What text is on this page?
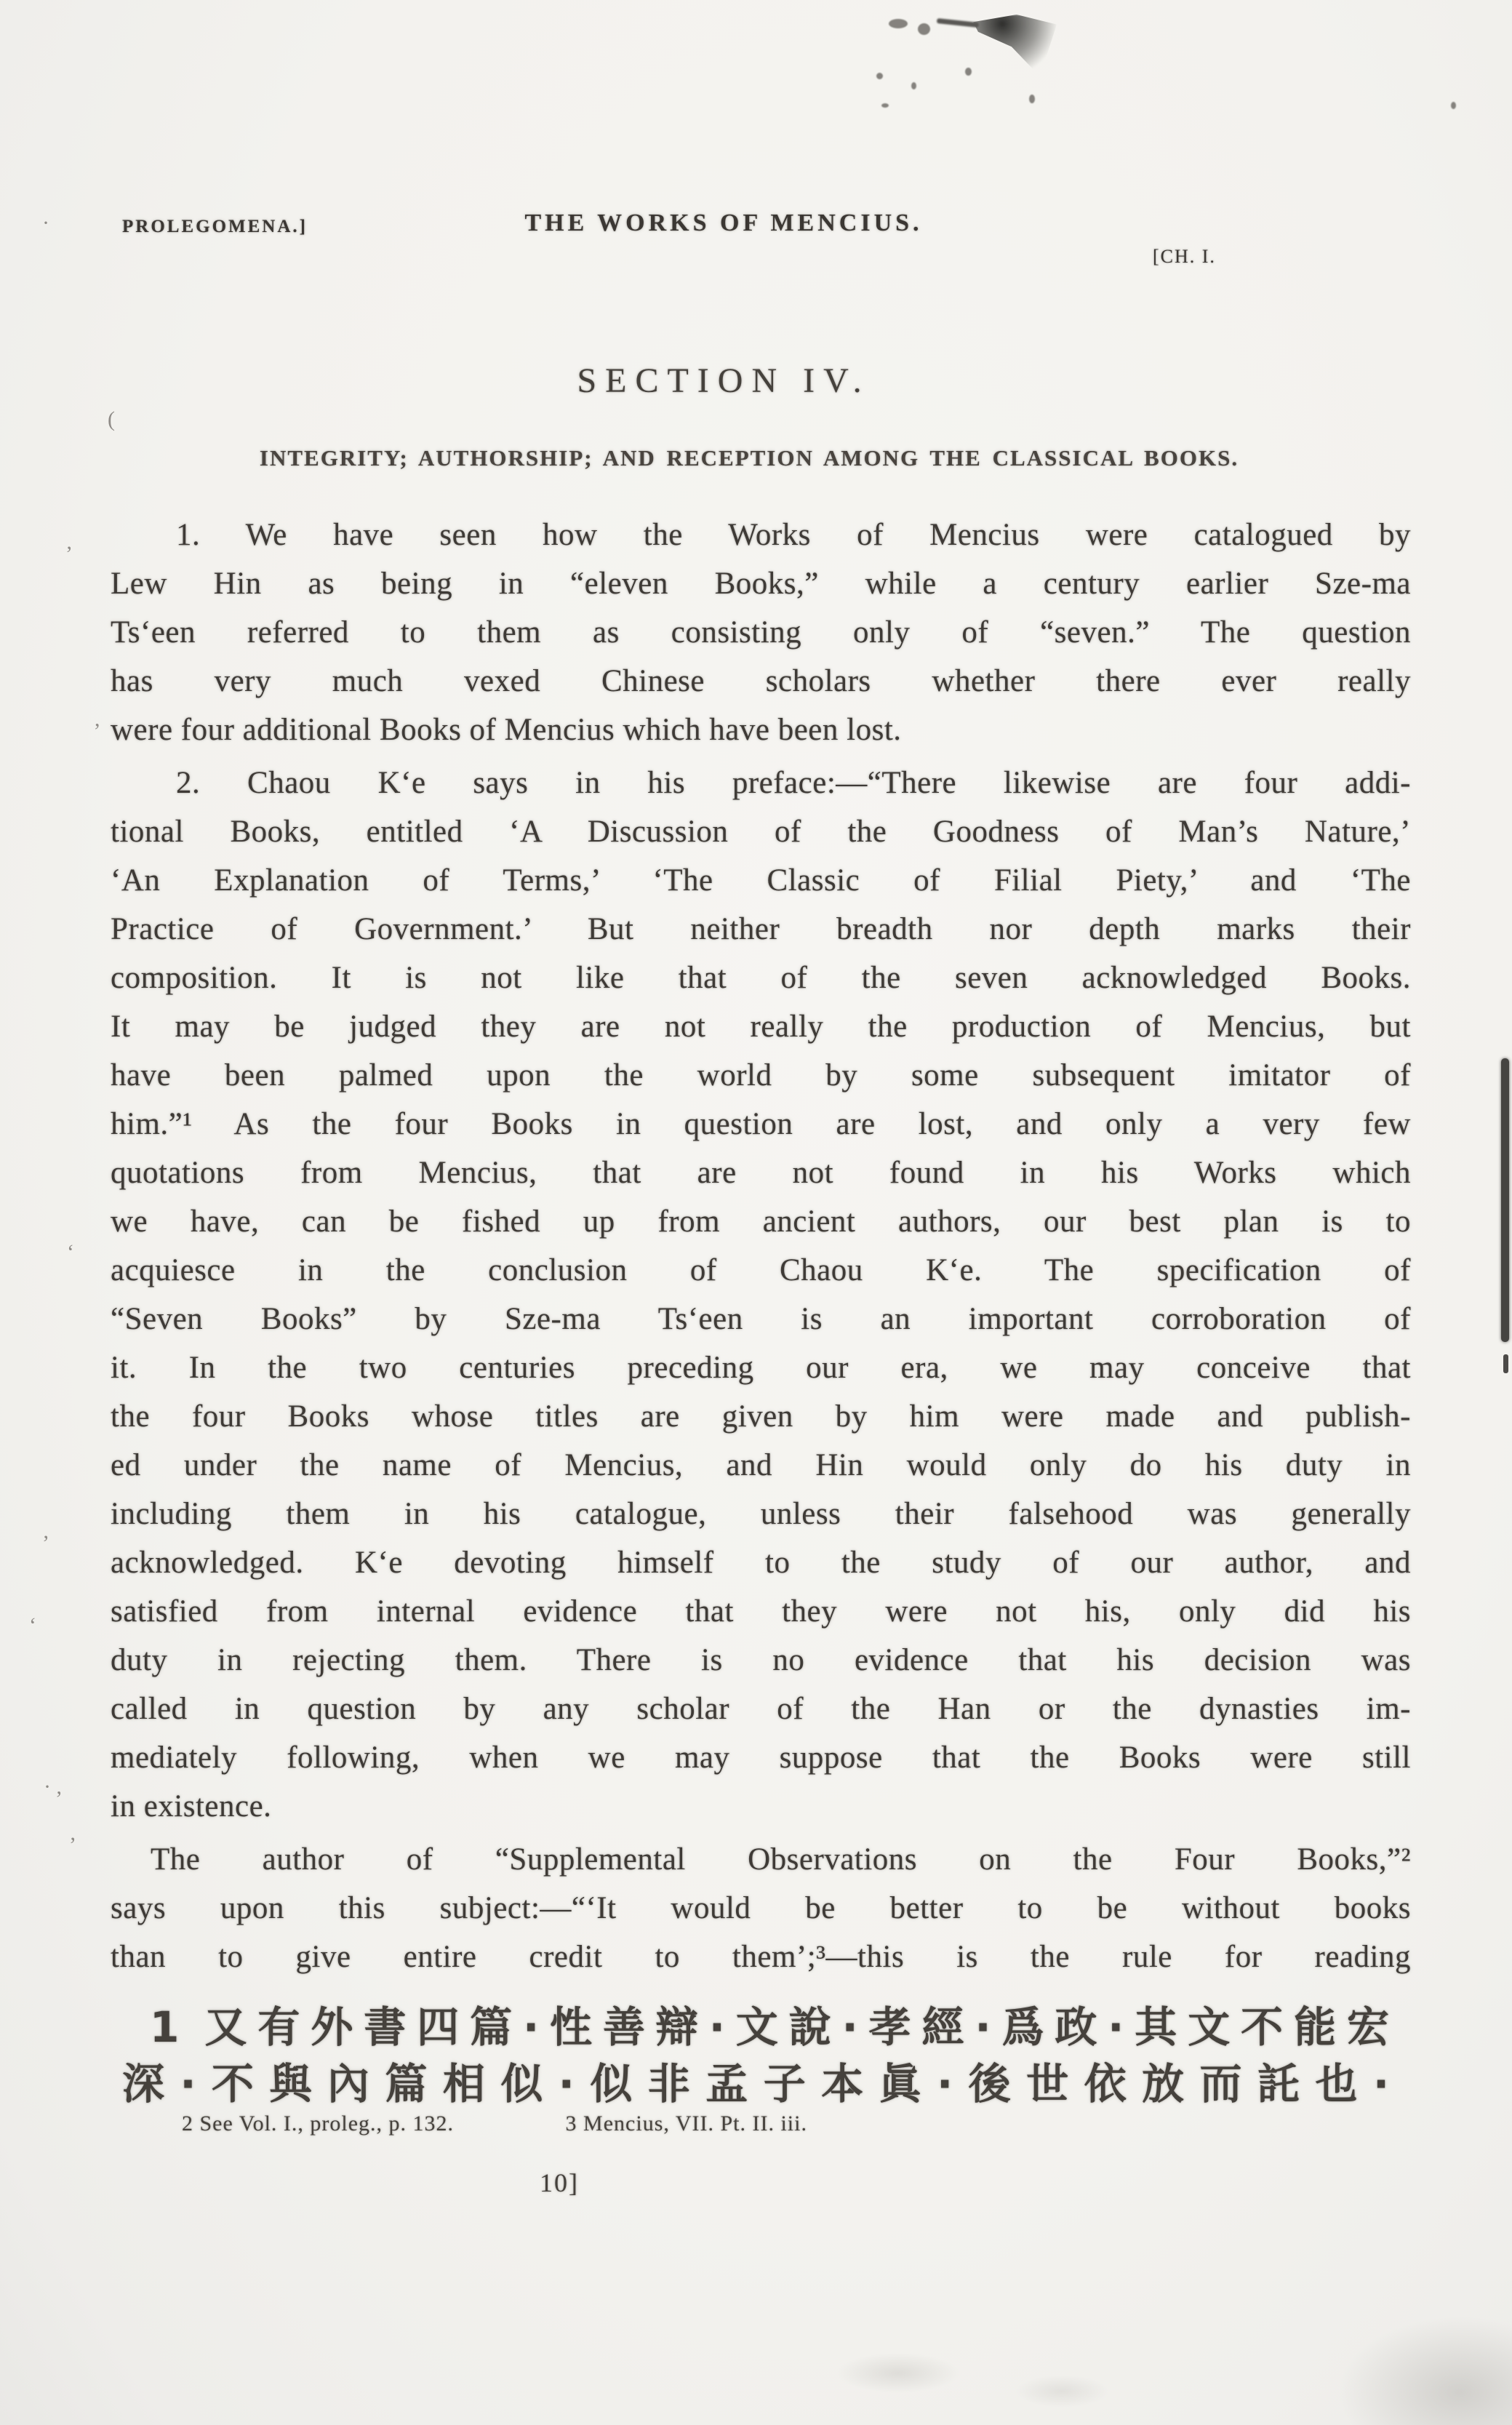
·
’
,
(
‘
’
‘
· ,
’
PROLEGOMENA.]	THE WORKS OF MENCIUS.
[CH. I.
SECTION IV.
INTEGRITY; AUTHORSHIP; AND RECEPTION AMONG THE CLASSICAL BOOKS.
1. We have seen how the Works of Mencius were catalogued by
Lew Hin as being in “eleven Books,” while a century earlier Sze-ma
Ts‘een referred to them as consisting only of “seven.” The question
has very much vexed Chinese scholars whether there ever really
were four additional Books of Mencius which have been lost.
2. Chaou K‘e says in his preface:—“There likewise are four addi-
tional Books, entitled ‘A Discussion of the Goodness of Man’s Nature,’
‘An Explanation of Terms,’ ‘The Classic of Filial Piety,’ and ‘The
Practice of Government.’ But neither breadth nor depth marks their
composition. It is not like that of the seven acknowledged Books.
It may be judged they are not really the production of Mencius, but
have been palmed upon the world by some subsequent imitator of
him.”¹ As the four Books in question are lost, and only a very few
quotations from Mencius, that are not found in his Works which
we have, can be fished up from ancient authors, our best plan is to
acquiesce in the conclusion of Chaou K‘e. The specification of
“Seven Books” by Sze-ma Ts‘een is an important corroboration of
it. In the two centuries preceding our era, we may conceive that
the four Books whose titles are given by him were made and publish-
ed under the name of Mencius, and Hin would only do his duty in
including them in his catalogue, unless their falsehood was generally
acknowledged. K‘e devoting himself to the study of our author, and
satisfied from internal evidence that they were not his, only did his
duty in rejecting them. There is no evidence that his decision was
called in question by any scholar of the Han or the dynasties im-
mediately following, when we may suppose that the Books were still
in existence.
The author of “Supplemental Observations on the Four Books,”²
says upon this subject:—“‘It would be better to be without books
than to give entire credit to them’;³—this is the rule for reading
1 又有外書四篇·性善辯·文說·孝經·爲政·其文不能宏
深·不與內篇相似·似非孟子本眞·後世依放而託也·
2 See Vol. I., proleg., p. 132.	3 Mencius, VII. Pt. II. iii.
10]
